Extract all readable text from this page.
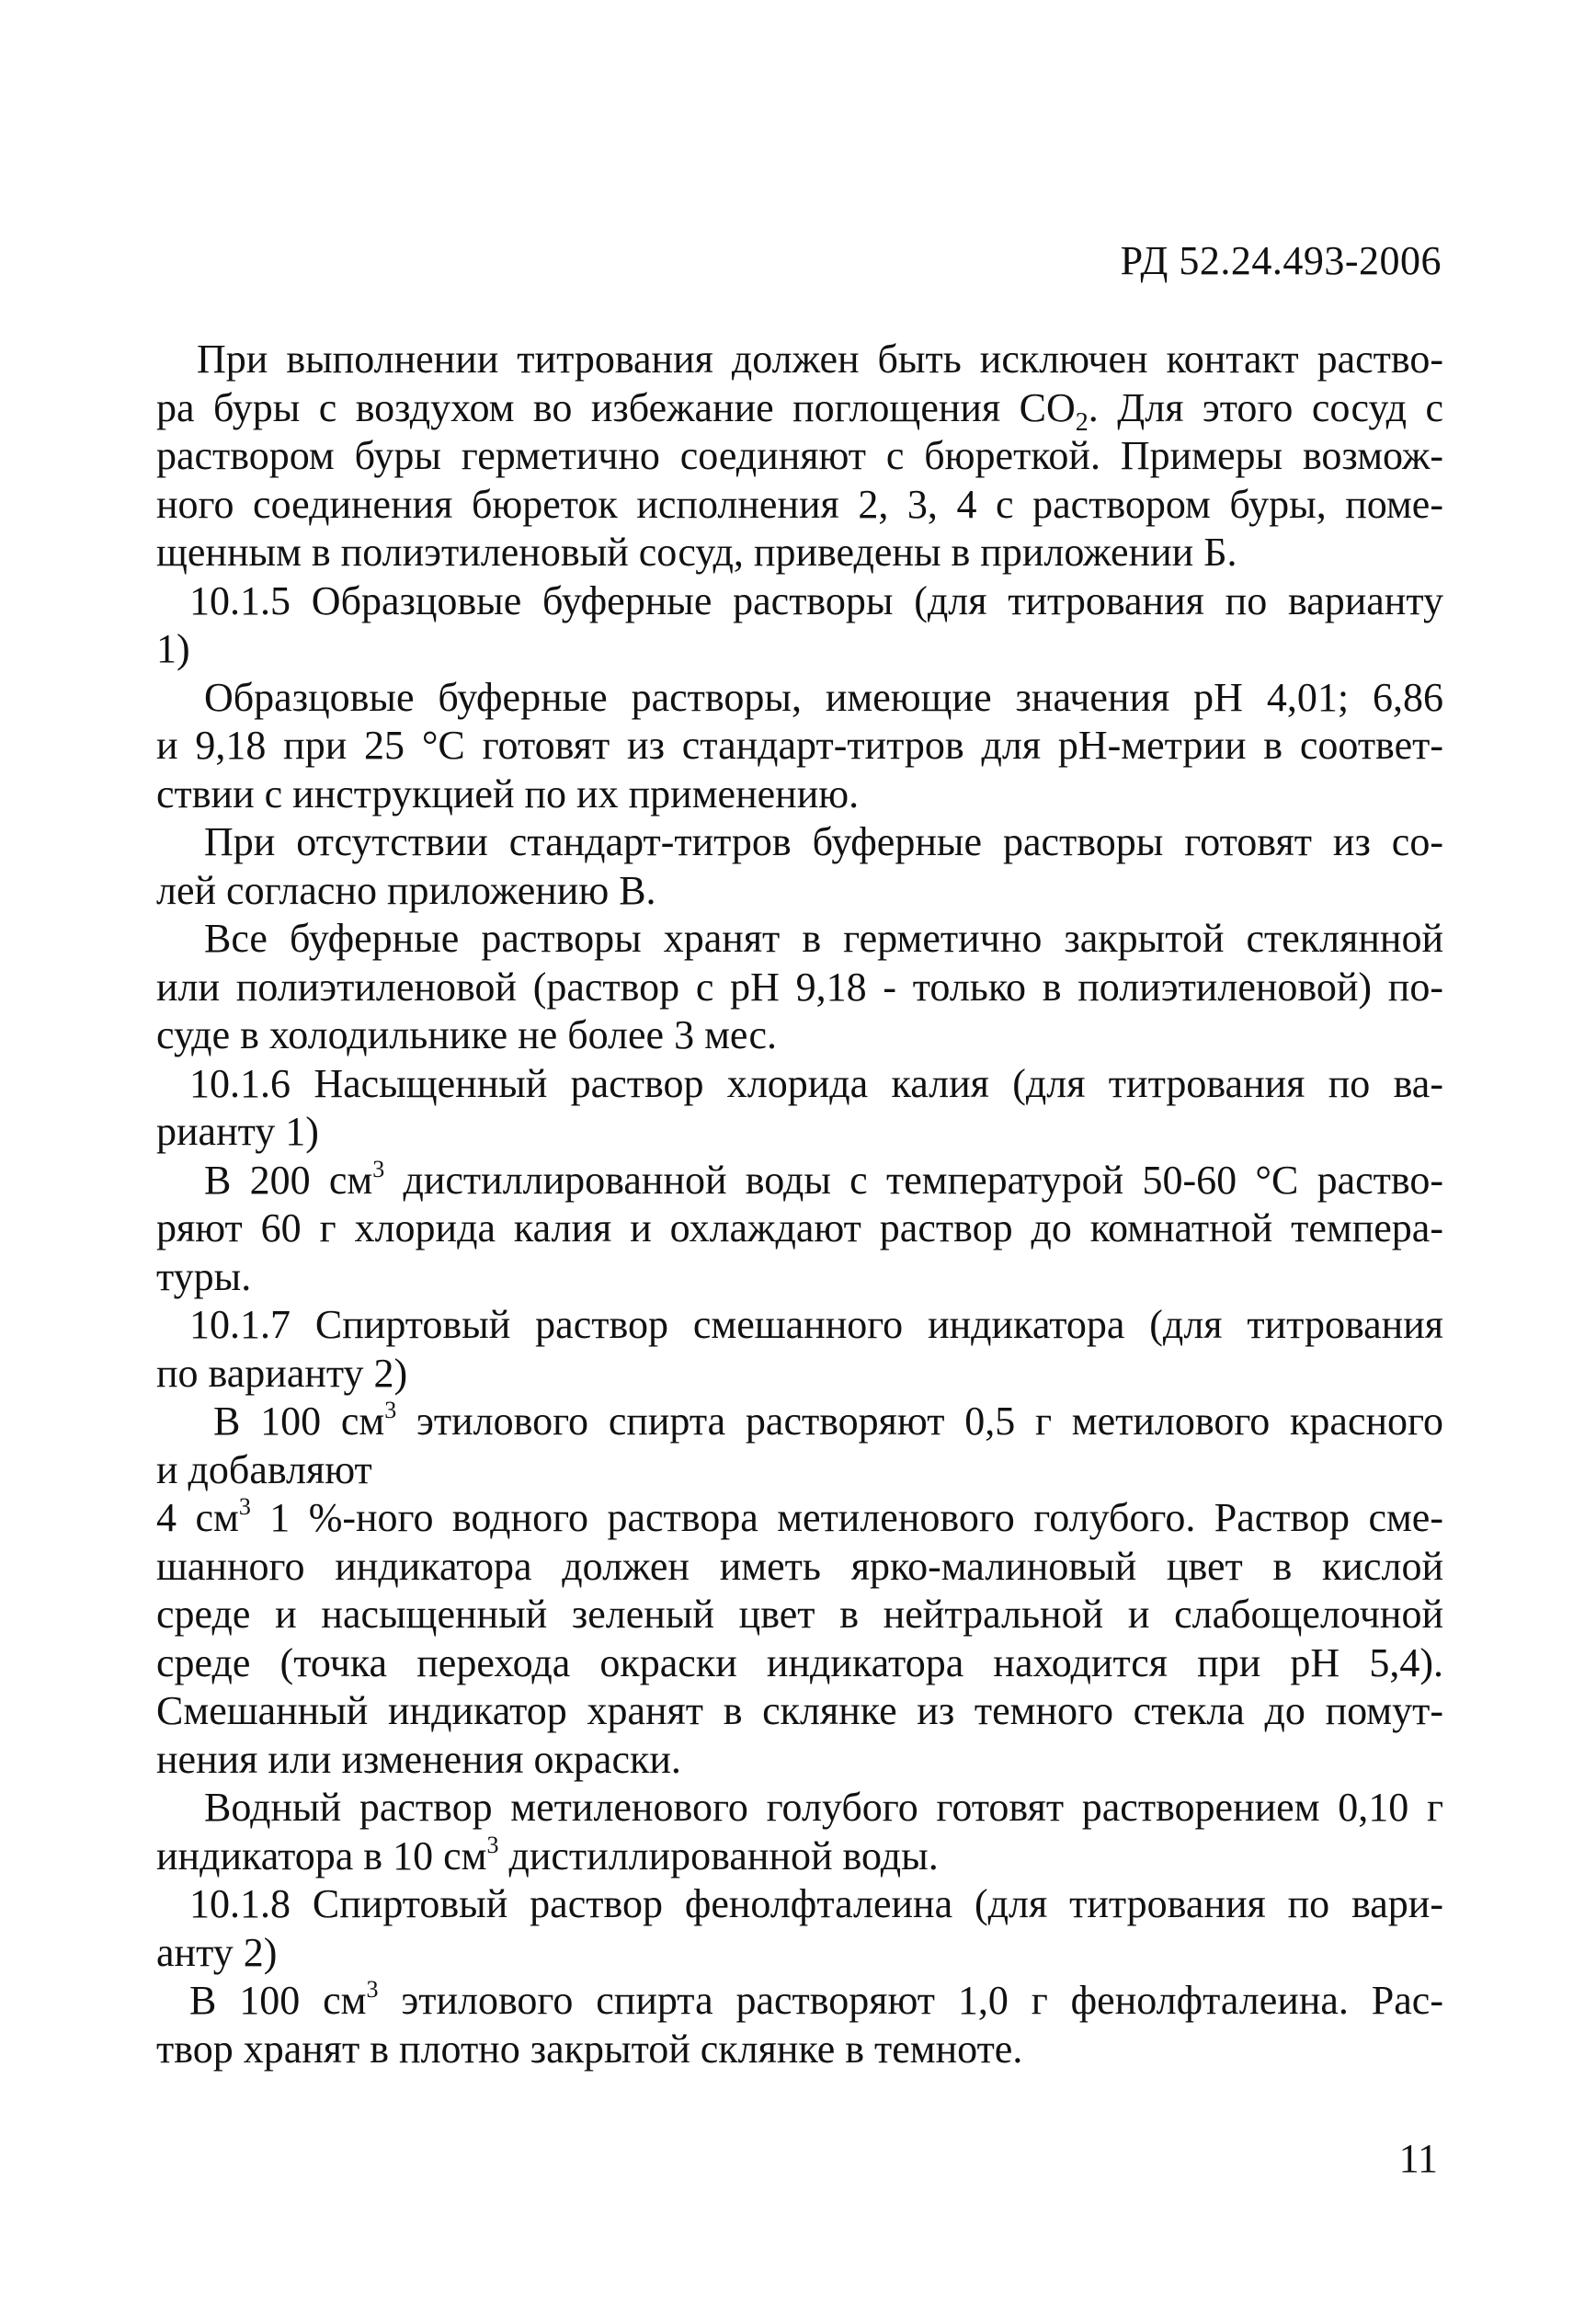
РД 52.24.493-2006
При выполнении титрования должен быть исключен контакт раство-
ра буры с воздухом во избежание поглощения $CO_2$. Для этого сосуд с
раствором буры герметично соединяют с бюреткой. Примеры возмож-
ного соединения бюреток исполнения 2, 3, 4 с раствором буры, поме-
щенным в полиэтиленовый сосуд, приведены в приложении Б.
10.1.5 Образцовые буферные растворы (для титрования по варианту
1)
Образцовые буферные растворы, имеющие значения рН 4,01; 6,86
и 9,18 при 25 °С готовят из стандарт-титров для рН-метрии в соответ-
ствии с инструкцией по их применению.
При отсутствии стандарт-титров буферные растворы готовят из со-
лей согласно приложению В.
Все буферные растворы хранят в герметично закрытой стеклянной
или полиэтиленовой (раствор с рН 9,18 - только в полиэтиленовой) по-
суде в холодильнике не более 3 мес.
10.1.6 Насыщенный раствор хлорида калия (для титрования по ва-
рианту 1)
В 200 $см^3$ дистиллированной воды с температурой 50-60 °С раство-
ряют 60 г хлорида калия и охлаждают раствор до комнатной темпера-
туры.
10.1.7 Спиртовый раствор смешанного индикатора (для титрования
по варианту 2)
В 100 $см^3$ этилового спирта растворяют 0,5 г метилового красного
и добавляют
4 $см^3$ 1 %-ного водного раствора метиленового голубого. Раствор сме-
шанного индикатора должен иметь ярко-малиновый цвет в кислой
среде и насыщенный зеленый цвет в нейтральной и слабощелочной
среде (точка перехода окраски индикатора находится при рН 5,4).
Смешанный индикатор хранят в склянке из темного стекла до помут-
нения или изменения окраски.
Водный раствор метиленового голубого готовят растворением 0,10 г
индикатора в 10 $см^3$ дистиллированной воды.
10.1.8 Спиртовый раствор фенолфталеина (для титрования по вари-
анту 2)
В 100 $см^3$ этилового спирта растворяют 1,0 г фенолфталеина. Рас-
твор хранят в плотно закрытой склянке в темноте.
11
